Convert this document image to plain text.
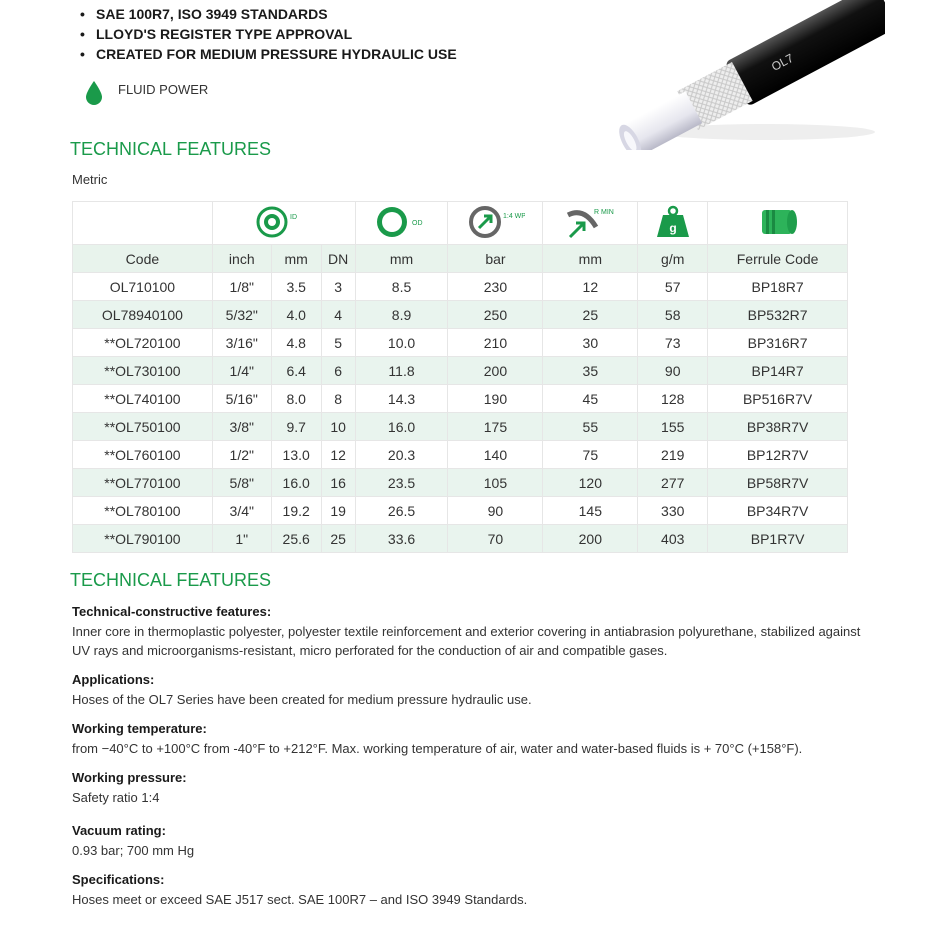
• SAE 100R7, ISO 3949 STANDARDS
• LLOYD'S REGISTER TYPE APPROVAL
• CREATED FOR MEDIUM PRESSURE HYDRAULIC USE
FLUID POWER
OL7
TECHNICAL FEATURES
Metric

ID			OD	1:4 WP	R MIN	g

Code	inch	mm	DN	mm	bar	mm	g/m	Ferrule Code
OL710100	1/8"	3.5	3	8.5	230	12	57	BP18R7
OL78940100	5/32"	4.0	4	8.9	250	25	58	BP532R7
**OL720100	3/16"	4.8	5	10.0	210	30	73	BP316R7
**OL730100	1/4"	6.4	6	11.8	200	35	90	BP14R7
**OL740100	5/16"	8.0	8	14.3	190	45	128	BP516R7V
**OL750100	3/8"	9.7	10	16.0	175	55	155	BP38R7V
**OL760100	1/2"	13.0	12	20.3	140	75	219	BP12R7V
**OL770100	5/8"	16.0	16	23.5	105	120	277	BP58R7V
**OL780100	3/4"	19.2	19	26.5	90	145	330	BP34R7V
**OL790100	1"	25.6	25	33.6	70	200	403	BP1R7V
TECHNICAL FEATURES
Technical-constructive features:
Inner core in thermoplastic polyester, polyester textile reinforcement and exterior covering in antiabrasion polyurethane, stabilized against UV rays and microorganisms-resistant, micro perforated for the conduction of air and compatible gases.
Applications:
Hoses of the OL7 Series have been created for medium pressure hydraulic use.
Working temperature:
from −40°C to +100°C from -40°F to +212°F. Max. working temperature of air, water and water-based fluids is + 70°C (+158°F).
Working pressure:
Safety ratio 1:4
Vacuum rating:
0.93 bar; 700 mm Hg
Specifications:
Hoses meet or exceed SAE J517 sect. SAE 100R7 – and ISO 3949 Standards.
